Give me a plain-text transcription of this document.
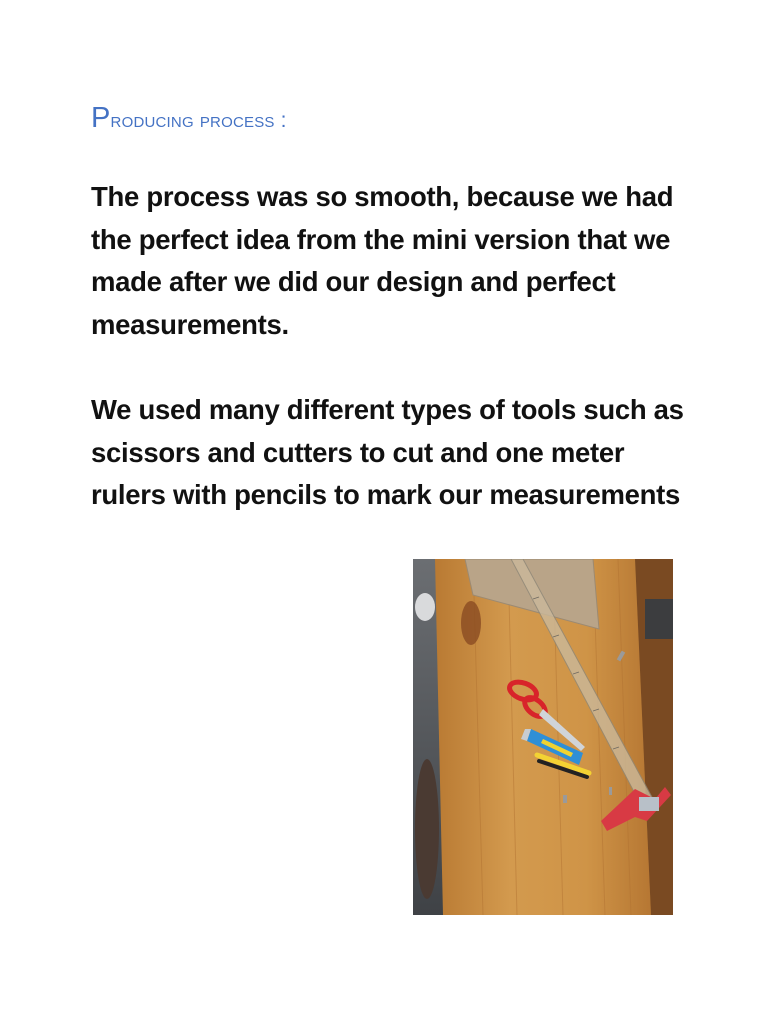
Producing process :

The process was so smooth, because we had the perfect idea from the mini version that we made after we did our design and perfect measurements.

We used many different types of tools such as scissors and cutters to cut and one meter rulers with pencils to mark our measurements
